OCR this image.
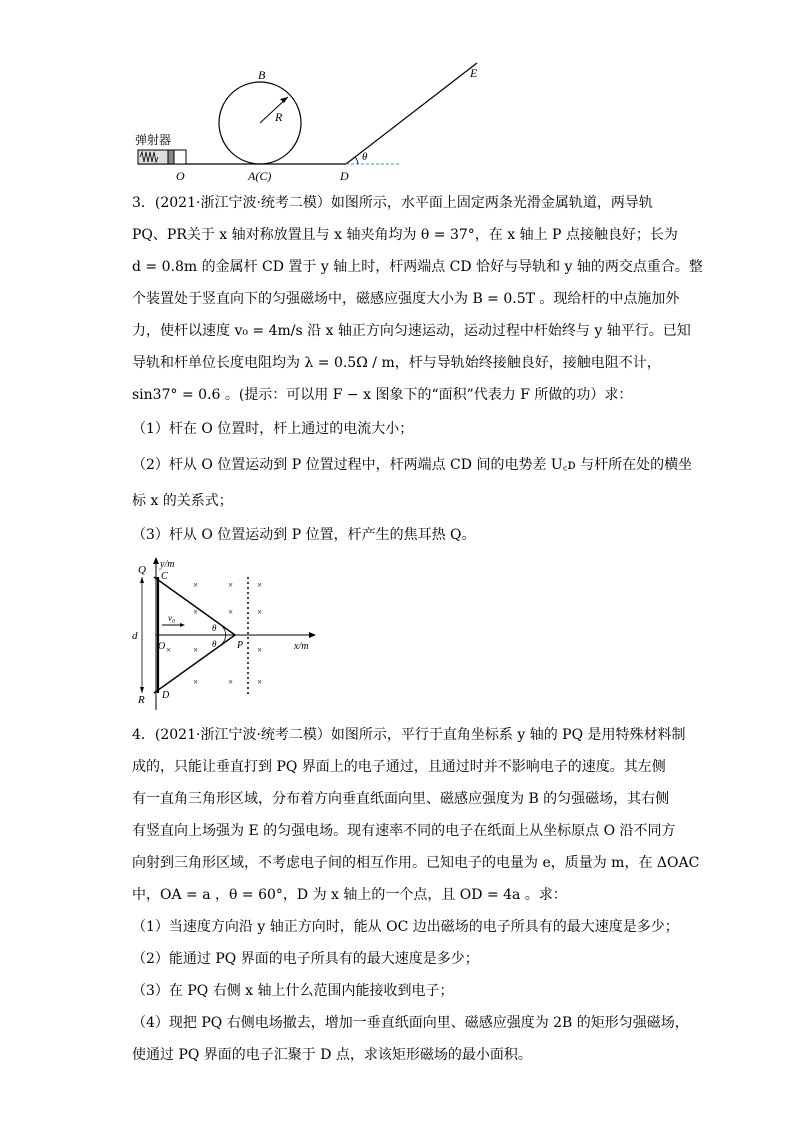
弹射器
B
R
O	A(C)
θ
D
E
3．(2021·浙江宁波·统考二模）如图所示，水平面上固定两条光滑金属轨道，两导轨
PQ、PR关于 x 轴对称放置且与 x 轴夹角均为 θ = 37°，在 x 轴上 P 点接触良好；长为
d = 0.8m 的金属杆 CD 置于 y 轴上时，杆两端点 CD 恰好与导轨和 y 轴的两交点重合。整
个装置处于竖直向下的匀强磁场中，磁感应强度大小为 B = 0.5T 。现给杆的中点施加外
力，使杆以速度 v₀ = 4m/s 沿 x 轴正方向匀速运动，运动过程中杆始终与 y 轴平行。已知
导轨和杆单位长度电阻均为 λ = 0.5Ω / m，杆与导轨始终接触良好，接触电阻不计，
sin37° = 0.6 。(提示：可以用 F − x 图象下的“面积”代表力 F 所做的功）求：
（1）杆在 O 位置时，杆上通过的电流大小；
（2）杆从 O 位置运动到 P 位置过程中，杆两端点 CD 间的电势差 U꜀ᴅ 与杆所在处的横坐
标 x 的关系式；
（3）杆从 O 位置运动到 P 位置，杆产生的焦耳热 Q。
y/m
x/m
d
v₀
θ
θ
Q
C
O	P
R D
×	×	×
×	×	×
× ×	×
×	×	×
4．(2021·浙江宁波·统考二模）如图所示，平行于直角坐标系 y 轴的 PQ 是用特殊材料制
成的，只能让垂直打到 PQ 界面上的电子通过，且通过时并不影响电子的速度。其左侧
有一直角三角形区域，分布着方向垂直纸面向里、磁感应强度为 B 的匀强磁场，其右侧
有竖直向上场强为 E 的匀强电场。现有速率不同的电子在纸面上从坐标原点 O 沿不同方
向射到三角形区域，不考虑电子间的相互作用。已知电子的电量为 e，质量为 m，在 ΔOAC
中，OA = a ，θ = 60°，D 为 x 轴上的一个点，且 OD = 4a 。求：
（1）当速度方向沿 y 轴正方向时，能从 OC 边出磁场的电子所具有的最大速度是多少；
（2）能通过 PQ 界面的电子所具有的最大速度是多少；
（3）在 PQ 右侧 x 轴上什么范围内能接收到电子；
（4）现把 PQ 右侧电场撤去，增加一垂直纸面向里、磁感应强度为 2B 的矩形匀强磁场，
使通过 PQ 界面的电子汇聚于 D 点，求该矩形磁场的最小面积。
